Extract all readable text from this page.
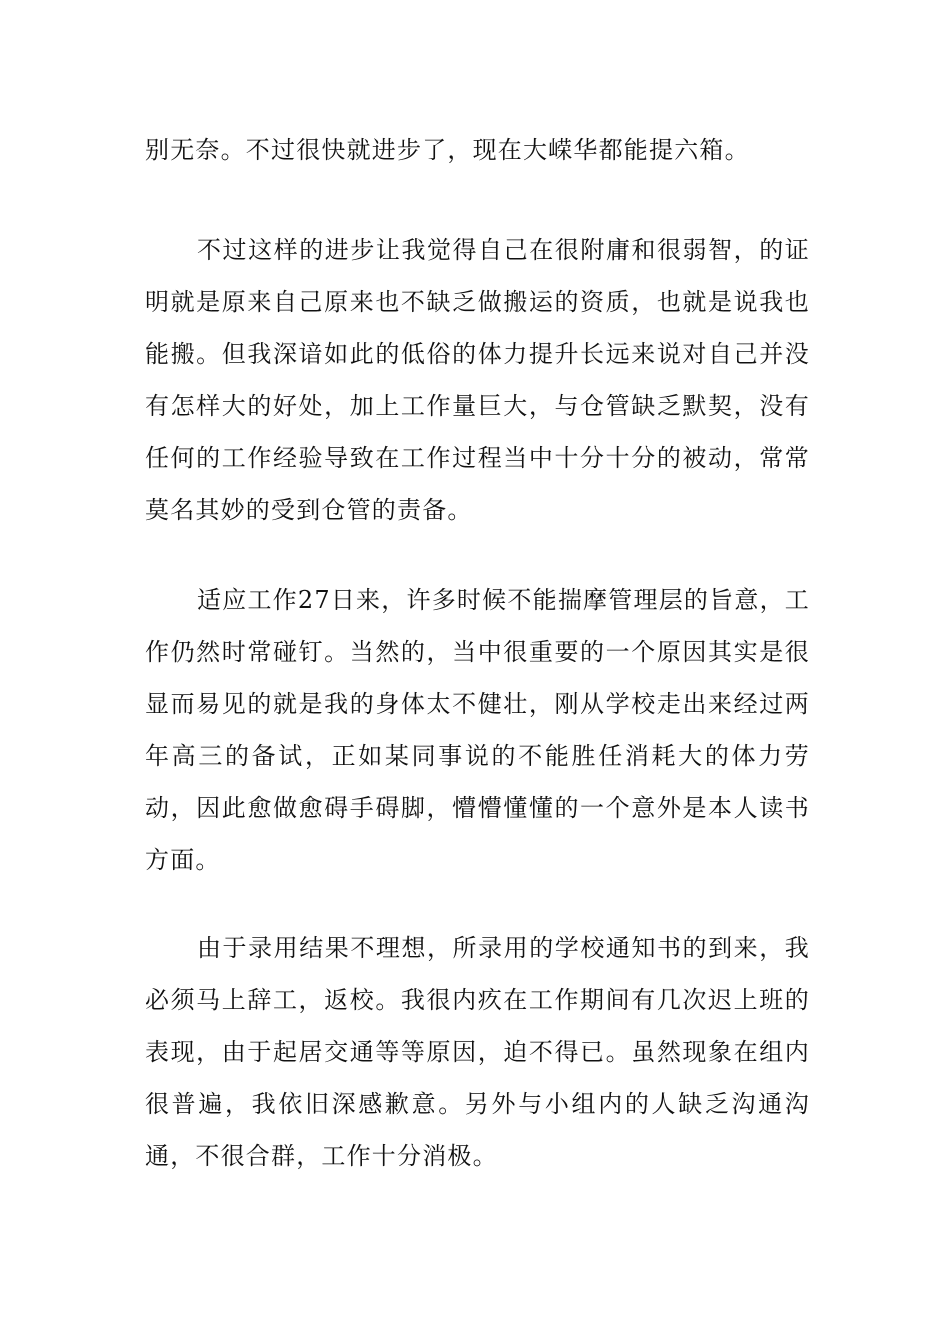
别无奈。不过很快就进步了，现在大嵘华都能提六箱。

不过这样的进步让我觉得自己在很附庸和很弱智，的证明就是原来自己原来也不缺乏做搬运的资质，也就是说我也能搬。但我深谙如此的低俗的体力提升长远来说对自己并没有怎样大的好处，加上工作量巨大，与仓管缺乏默契，没有任何的工作经验导致在工作过程当中十分十分的被动，常常莫名其妙的受到仓管的责备。

适应工作27日来，许多时候不能揣摩管理层的旨意，工作仍然时常碰钉。当然的，当中很重要的一个原因其实是很显而易见的就是我的身体太不健壮，刚从学校走出来经过两年高三的备试，正如某同事说的不能胜任消耗大的体力劳动，因此愈做愈碍手碍脚，懵懵懂懂的一个意外是本人读书方面。

由于录用结果不理想，所录用的学校通知书的到来，我必须马上辞工，返校。我很内疚在工作期间有几次迟上班的表现，由于起居交通等等原因，迫不得已。虽然现象在组内很普遍，我依旧深感歉意。另外与小组内的人缺乏沟通沟通，不很合群，工作十分消极。
